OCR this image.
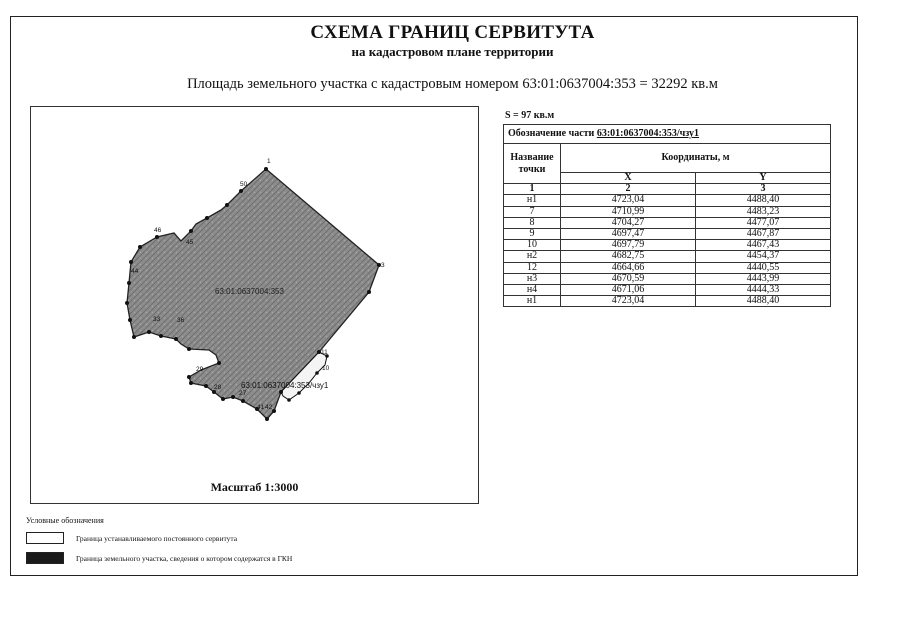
СХЕМА ГРАНИЦ СЕРВИТУТА
на кадастровом плане территории
Площадь земельного участка с кадастровым номером 63:01:0637004:353 = 32292 кв.м
1
3
50
46
45
44
33	36
29
28
27
11
10
42
41
63:01:0637004:353
63:01:0637004:353/чзу1
Масштаб 1:3000
S = 97 кв.м
Обозначение части 63:01:0637004:353/чзу1		
Название точки	Координаты, м	
	X	Y
1	2	3
н1	4723,04	4488,40
7	4710,99	4483,23
8	4704,27	4477,07
9	4697,47	4467,87
10	4697,79	4467,43
н2	4682,75	4454,37
12	4664,66	4440,55
н3	4670,59	4443,99
н4	4671,06	4444,33
н1	4723,04	4488,40
Условные обозначения
Граница устанавливаемого постоянного сервитута
Граница земельного участка, сведения о котором содержатся в ГКН
